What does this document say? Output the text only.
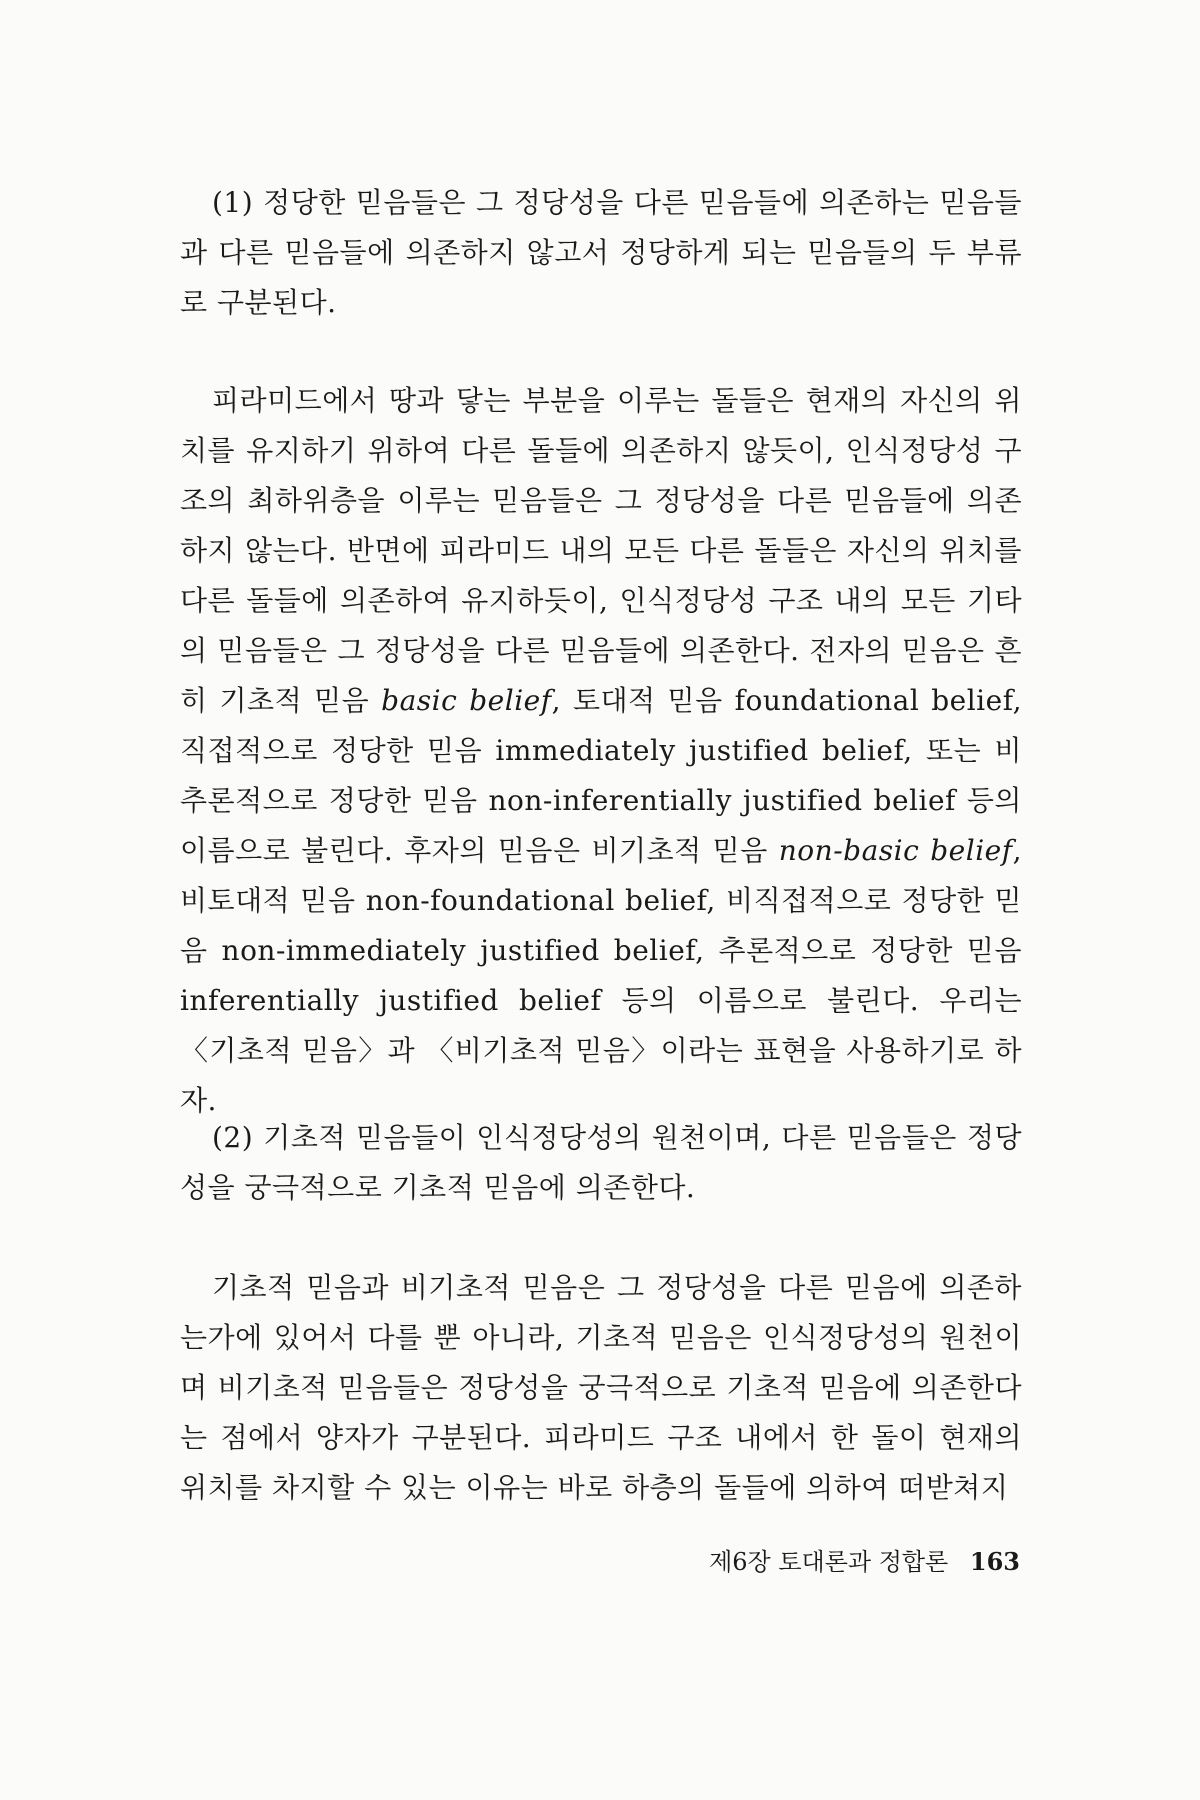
(1) 정당한 믿음들은 그 정당성을 다른 믿음들에 의존하는 믿음들과 다른 믿음들에 의존하지 않고서 정당하게 되는 믿음들의 두 부류로 구분된다.

피라미드에서 땅과 닿는 부분을 이루는 돌들은 현재의 자신의 위치를 유지하기 위하여 다른 돌들에 의존하지 않듯이, 인식정당성 구조의 최하위층을 이루는 믿음들은 그 정당성을 다른 믿음들에 의존하지 않는다. 반면에 피라미드 내의 모든 다른 돌들은 자신의 위치를 다른 돌들에 의존하여 유지하듯이, 인식정당성 구조 내의 모든 기타의 믿음들은 그 정당성을 다른 믿음들에 의존한다. 전자의 믿음은 흔히 기초적 믿음 basic belief, 토대적 믿음 foundational belief, 직접적으로 정당한 믿음 immediately justified belief, 또는 비추론적으로 정당한 믿음 non-inferentially justified belief 등의 이름으로 불린다. 후자의 믿음은 비기초적 믿음 non-basic belief, 비토대적 믿음 non-foundational belief, 비직접적으로 정당한 믿음 non-immediately justified belief, 추론적으로 정당한 믿음 inferentially justified belief 등의 이름으로 불린다. 우리는 〈기초적 믿음〉과 〈비기초적 믿음〉이라는 표현을 사용하기로 하자.

(2) 기초적 믿음들이 인식정당성의 원천이며, 다른 믿음들은 정당성을 궁극적으로 기초적 믿음에 의존한다.

기초적 믿음과 비기초적 믿음은 그 정당성을 다른 믿음에 의존하는가에 있어서 다를 뿐 아니라, 기초적 믿음은 인식정당성의 원천이며 비기초적 믿음들은 정당성을 궁극적으로 기초적 믿음에 의존한다는 점에서 양자가 구분된다. 피라미드 구조 내에서 한 돌이 현재의 위치를 차지할 수 있는 이유는 바로 하층의 돌들에 의하여 떠받쳐지

제6장 토대론과 정합론 163
